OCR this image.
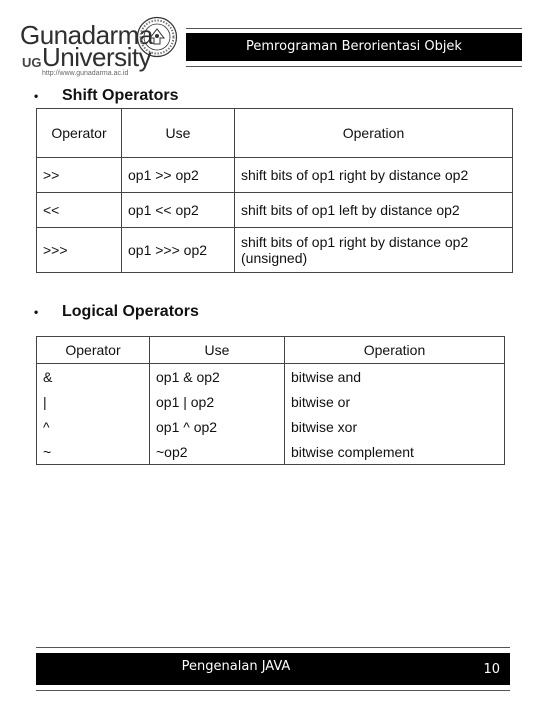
Gunadarma
UG University
http://www.gunadarma.ac.id
Pemrograman Berorientasi Objek
• Shift Operators
Operator	Use	Operation
>>	op1 >> op2	shift bits of op1 right by distance op2
<<	op1 << op2	shift bits of op1 left by distance op2
>>>	op1 >>> op2	shift bits of op1 right by distance op2 (unsigned)
• Logical Operators
Operator	Use	Operation
&	op1 & op2	bitwise and
|	op1 | op2	bitwise or
^	op1 ^ op2	bitwise xor
~	~op2	bitwise complement
Pengenalan JAVA	10
